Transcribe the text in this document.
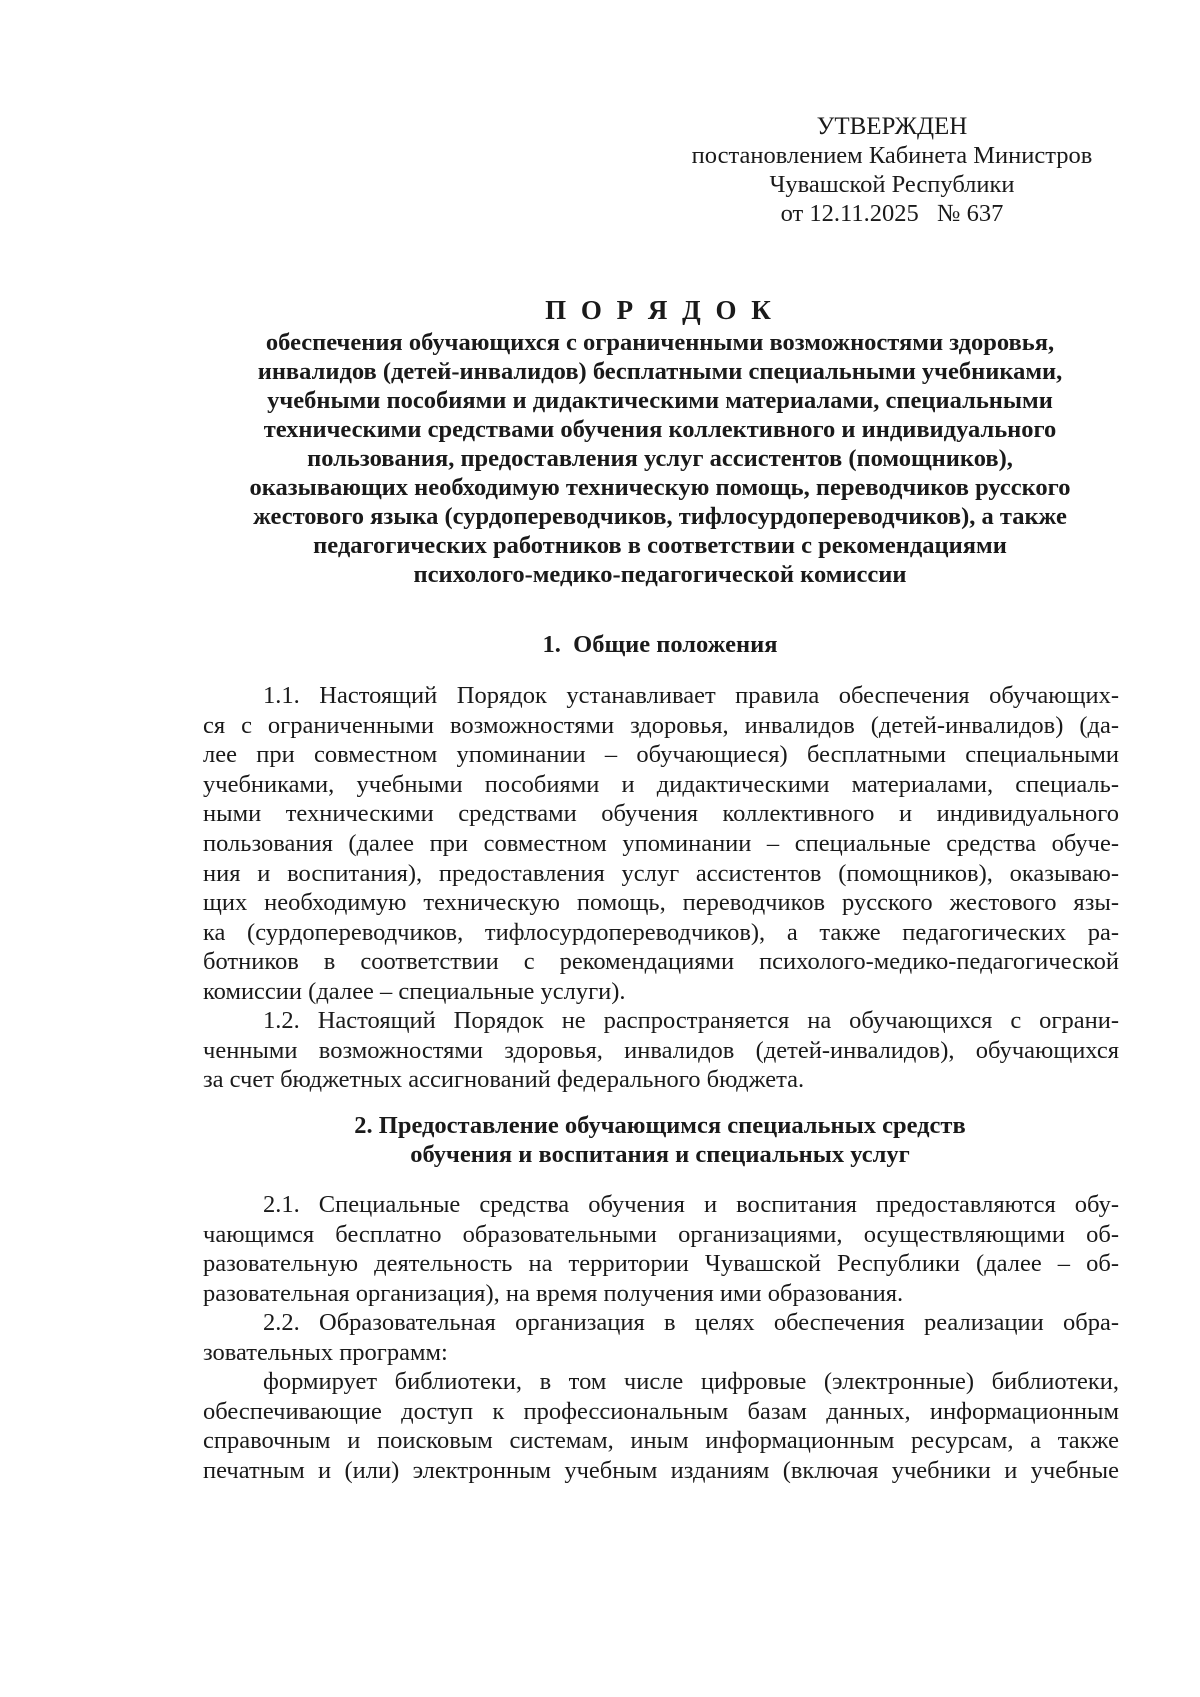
УТВЕРЖДЕН
постановлением Кабинета Министров
Чувашской Республики
от 12.11.2025   № 637
П О Р Я Д О К
обеспечения обучающихся с ограниченными возможностями здоровья,
инвалидов (детей-инвалидов) бесплатными специальными учебниками,
учебными пособиями и дидактическими материалами, специальными
техническими средствами обучения коллективного и индивидуального
пользования, предоставления услуг ассистентов (помощников),
оказывающих необходимую техническую помощь, переводчиков русского
жестового языка (сурдопереводчиков, тифлосурдопереводчиков), а также
педагогических работников в соответствии с рекомендациями
психолого-медико-педагогической комиссии
1.  Общие положения
1.1. Настоящий Порядок устанавливает правила обеспечения обучающих-
ся с ограниченными возможностями здоровья, инвалидов (детей-инвалидов) (да-
лее при совместном упоминании – обучающиеся) бесплатными специальными
учебниками, учебными пособиями и дидактическими материалами, специаль-
ными техническими средствами обучения коллективного и индивидуального
пользования (далее при совместном упоминании – специальные средства обуче-
ния и воспитания), предоставления услуг ассистентов (помощников), оказываю-
щих необходимую техническую помощь, переводчиков русского жестового язы-
ка (сурдопереводчиков, тифлосурдопереводчиков), а также педагогических ра-
ботников в соответствии с рекомендациями психолого-медико-педагогической
комиссии (далее – специальные услуги).
1.2. Настоящий Порядок не распространяется на обучающихся с ограни-
ченными возможностями здоровья, инвалидов (детей-инвалидов), обучающихся
за счет бюджетных ассигнований федерального бюджета.
2. Предоставление обучающимся специальных средств
обучения и воспитания и специальных услуг
2.1. Специальные средства обучения и воспитания предоставляются обу-
чающимся бесплатно образовательными организациями, осуществляющими об-
разовательную деятельность на территории Чувашской Республики (далее – об-
разовательная организация), на время получения ими образования.
2.2. Образовательная организация в целях обеспечения реализации обра-
зовательных программ:
формирует библиотеки, в том числе цифровые (электронные) библиотеки,
обеспечивающие доступ к профессиональным базам данных, информационным
справочным и поисковым системам, иным информационным ресурсам, а также
печатным и (или) электронным учебным изданиям (включая учебники и учебные
